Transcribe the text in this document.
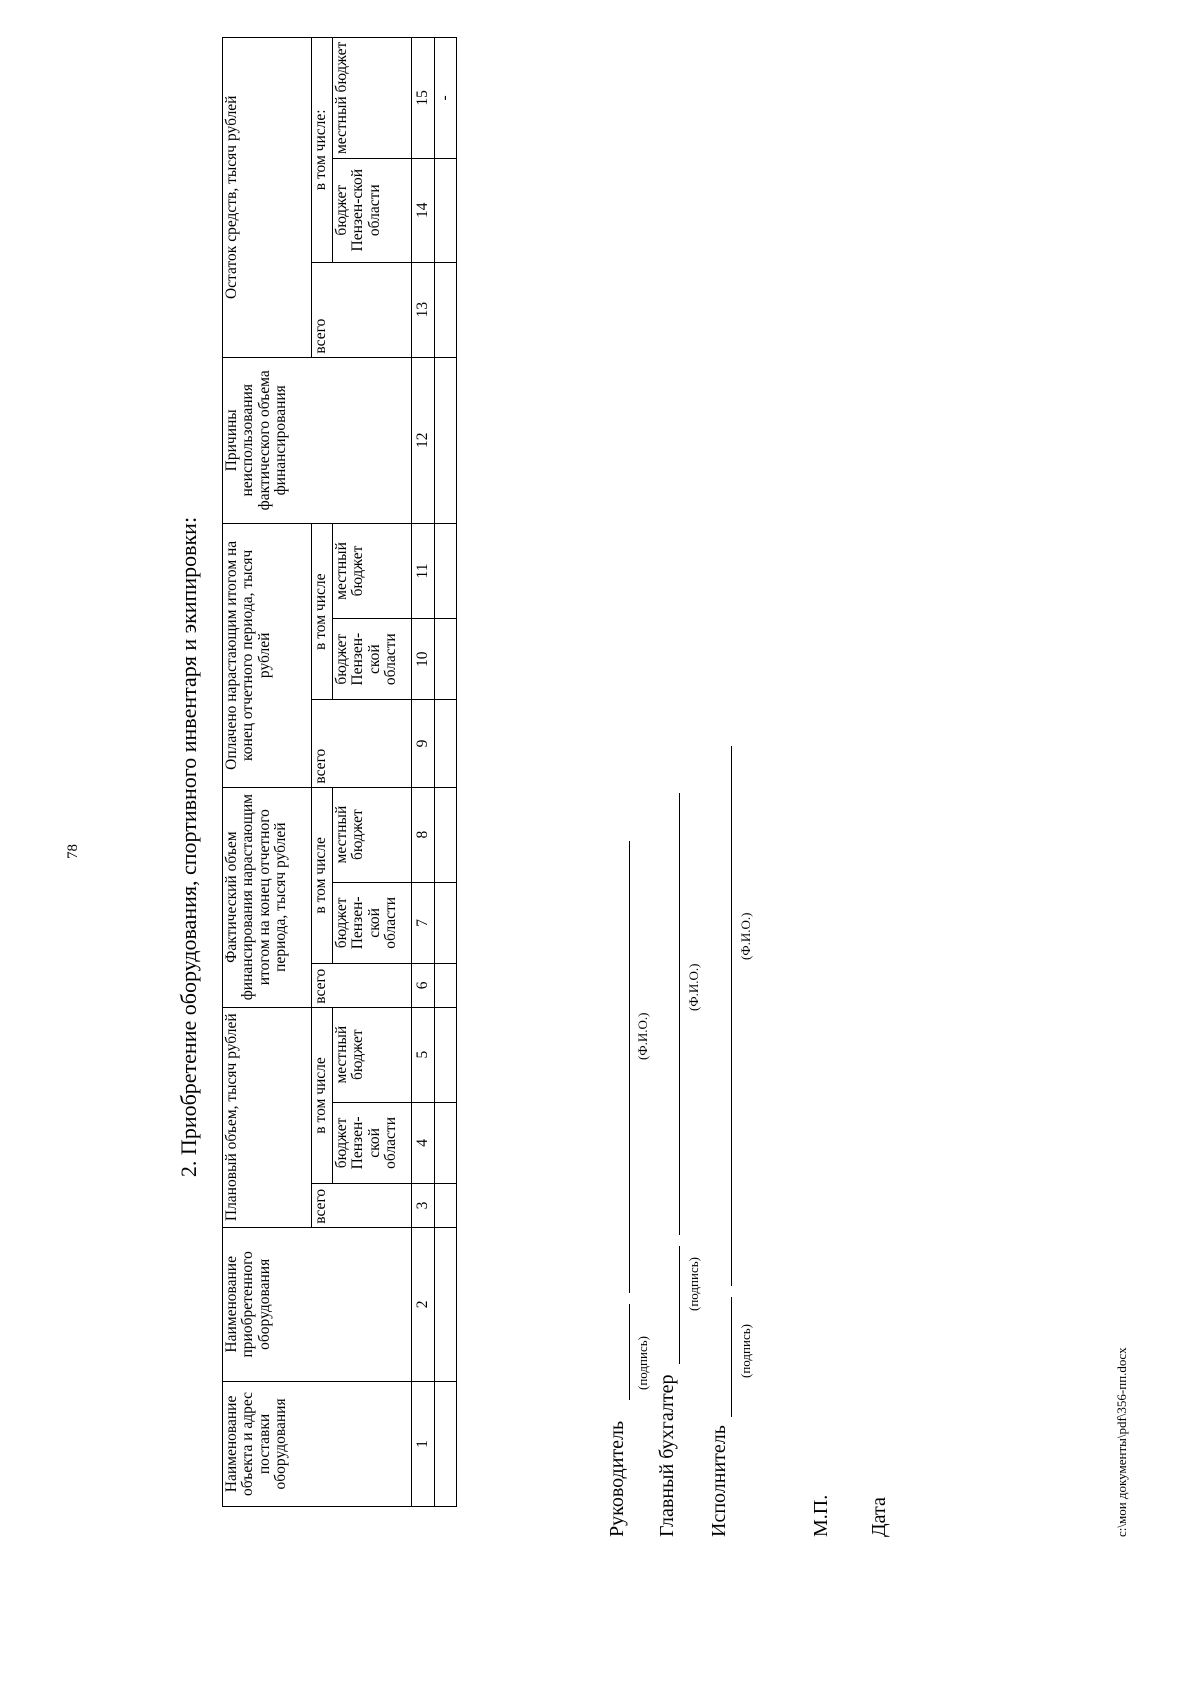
78	2. Приобретение оборудования, спортивного инвентаря и экипировки:
Наименование объекта и адрес поставки оборудования	Наименование приобретенного оборудования	Плановый объем, тысяч рублей			Фактический объем финансирования нарастающим итогом на конец отчетного периода, тысяч рублей			Оплачено нарастающим итогом на конец отчетного периода, тысяч рублей			Причины неиспользования фактического объема финансирования	Остаток средств, тысяч рублей		
		всего	в том числе		всего	в том числе		всего	в том числе			всего	в том числе:	
			бюджет Пензен-ской области	местный бюджет		бюджет Пензен-ской области	местный бюджет		бюджет Пензен-ской области	местный бюджет			бюджет Пензен-ской области	местный бюджет
1	2	3	4	5	6	7	8	9	10	11	12	13	14	15
														-
Руководитель
(подпись)
(Ф.И.О.)
Главный бухгалтер
(подпись)
(Ф.И.О.)
Исполнитель
(подпись)
(Ф.И.О.)
М.П. Дата	c:\мои документы\pdf\356-пп.docx
